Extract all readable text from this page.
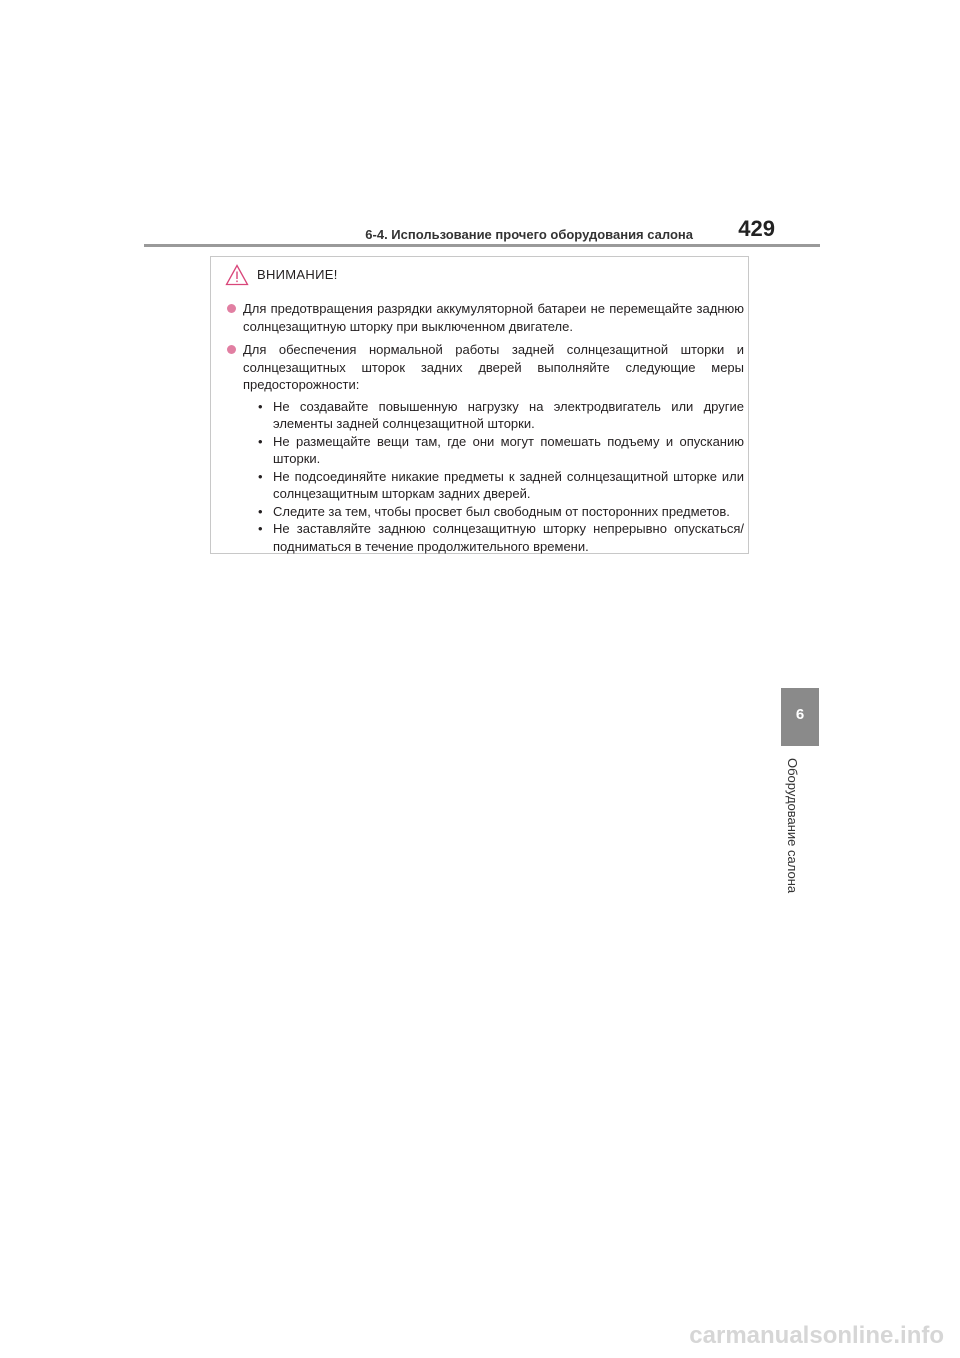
6-4. Использование прочего оборудования салона 429
ВНИМАНИЕ!
Для предотвращения разрядки аккумуляторной батареи не перемещайте заднюю солнцезащитную шторку при выключенном двигателе.
Для обеспечения нормальной работы задней солнцезащитной шторки и солнцезащитных шторок задних дверей выполняйте следующие меры предосторожности:
• Не создавайте повышенную нагрузку на электродвигатель или другие элементы задней солнцезащитной шторки.
• Не размещайте вещи там, где они могут помешать подъему и опусканию шторки.
• Не подсоединяйте никакие предметы к задней солнцезащитной шторке или солнцезащитным шторкам задних дверей.
• Следите за тем, чтобы просвет был свободным от посторонних предметов.
• Не заставляйте заднюю солнцезащитную шторку непрерывно опускаться/подниматься в течение продолжительного времени.
6
Оборудование салона
carmanualsonline.info
